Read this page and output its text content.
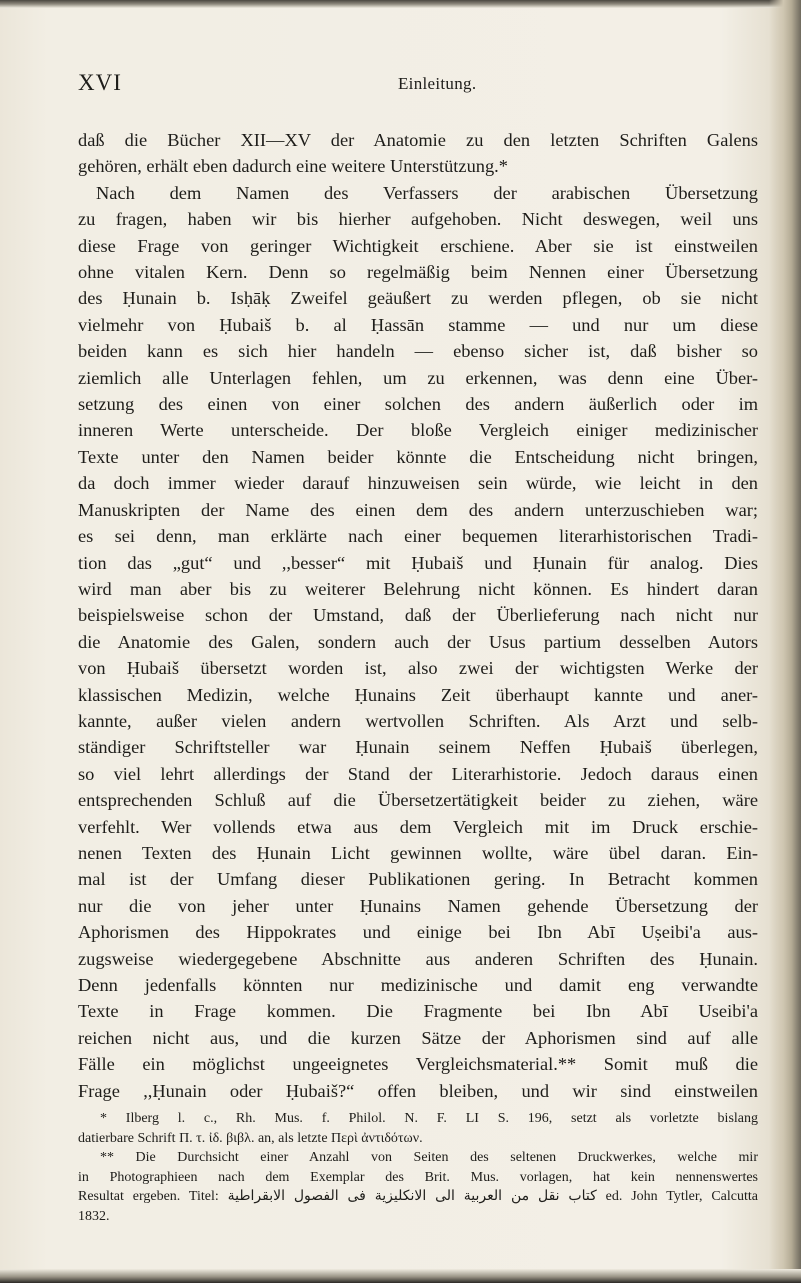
XVI	Einleitung.
daß die Bücher XII—XV der Anatomie zu den letzten Schriften Galens
gehören, erhält eben dadurch eine weitere Unterstützung.*
Nach dem Namen des Verfassers der arabischen Übersetzung
zu fragen, haben wir bis hierher aufgehoben. Nicht deswegen, weil uns
diese Frage von geringer Wichtigkeit erschiene. Aber sie ist einstweilen
ohne vitalen Kern. Denn so regelmäßig beim Nennen einer Übersetzung
des Ḥunain b. Isḥāḳ Zweifel geäußert zu werden pflegen, ob sie nicht
vielmehr von Ḥubaiš b. al Ḥassān stamme — und nur um diese
beiden kann es sich hier handeln — ebenso sicher ist, daß bisher so
ziemlich alle Unterlagen fehlen, um zu erkennen, was denn eine Über-
setzung des einen von einer solchen des andern äußerlich oder im
inneren Werte unterscheide. Der bloße Vergleich einiger medizinischer
Texte unter den Namen beider könnte die Entscheidung nicht bringen,
da doch immer wieder darauf hinzuweisen sein würde, wie leicht in den
Manuskripten der Name des einen dem des andern unterzuschieben war;
es sei denn, man erklärte nach einer bequemen literarhistorischen Tradi-
tion das „gut“ und ,,besser“ mit Ḥubaiš und Ḥunain für analog. Dies
wird man aber bis zu weiterer Belehrung nicht können. Es hindert daran
beispielsweise schon der Umstand, daß der Überlieferung nach nicht nur
die Anatomie des Galen, sondern auch der Usus partium desselben Autors
von Ḥubaiš übersetzt worden ist, also zwei der wichtigsten Werke der
klassischen Medizin, welche Ḥunains Zeit überhaupt kannte und aner-
kannte, außer vielen andern wertvollen Schriften. Als Arzt und selb-
ständiger Schriftsteller war Ḥunain seinem Neffen Ḥubaiš überlegen,
so viel lehrt allerdings der Stand der Literarhistorie. Jedoch daraus einen
entsprechenden Schluß auf die Übersetzertätigkeit beider zu ziehen, wäre
verfehlt. Wer vollends etwa aus dem Vergleich mit im Druck erschie-
nenen Texten des Ḥunain Licht gewinnen wollte, wäre übel daran. Ein-
mal ist der Umfang dieser Publikationen gering. In Betracht kommen
nur die von jeher unter Ḥunains Namen gehende Übersetzung der
Aphorismen des Hippokrates und einige bei Ibn Abī Uṣeibi'a aus-
zugsweise wiedergegebene Abschnitte aus anderen Schriften des Ḥunain.
Denn jedenfalls könnten nur medizinische und damit eng verwandte
Texte in Frage kommen. Die Fragmente bei Ibn Abī Useibi'a
reichen nicht aus, und die kurzen Sätze der Aphorismen sind auf alle
Fälle ein möglichst ungeeignetes Vergleichsmaterial.** Somit muß die
Frage ,,Ḥunain oder Ḥubaiš?“ offen bleiben, und wir sind einstweilen
* Ilberg l. c., Rh. Mus. f. Philol. N. F. LI S. 196, setzt als vorletzte bislang
datierbare Schrift Π. τ. ἰδ. βιβλ. an, als letzte Περὶ ἀντιδότων.
** Die Durchsicht einer Anzahl von Seiten des seltenen Druckwerkes, welche mir
in Photographieen nach dem Exemplar des Brit. Mus. vorlagen, hat kein nennenswertes
Resultat ergeben. Titel: كتاب نقل من العربية الى الانكليزية فى الفصول الابقراطية ed. John Tytler, Calcutta
1832.
